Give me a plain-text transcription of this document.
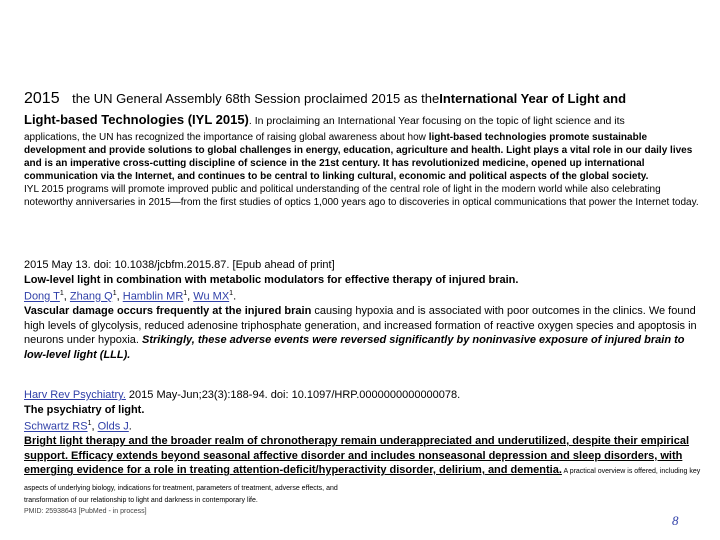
2015 the UN General Assembly 68th Session proclaimed 2015 as theInternational Year of Light and
Light-based Technologies (IYL 2015). In proclaiming an International Year focusing on the topic of light science and its

applications, the UN has recognized the importance of raising global awareness about how light-based technologies promote sustainable development and provide solutions to global challenges in energy, education, agriculture and health. Light plays a vital role in our daily lives and is an imperative cross-cutting discipline of science in the 21st century. It has revolutionized medicine, opened up international communication via the Internet, and continues to be central to linking cultural, economic and political aspects of the global society.

IYL 2015 programs will promote improved public and political understanding of the central role of light in the modern world while also celebrating noteworthy anniversaries in 2015—from the first studies of optics 1,000 years ago to discoveries in optical communications that power the Internet today.

2015 May 13. doi: 10.1038/jcbfm.2015.87. [Epub ahead of print]
Low-level light in combination with metabolic modulators for effective therapy of injured brain.
Dong $T^1$, Zhang $Q^1$, Hamblin $MR^1$, Wu $MX^1$.
Vascular damage occurs frequently at the injured brain causing hypoxia and is associated with poor outcomes in the clinics. We found high levels of glycolysis, reduced adenosine triphosphate generation, and increased formation of reactive oxygen species and apoptosis in neurons under hypoxia. Strikingly, these adverse events were reversed significantly by noninvasive exposure of injured brain to low-level light (LLL).
Harv Rev Psychiatry. 2015 May-Jun;23(3):188-94. doi: 10.1097/HRP.0000000000000078.
The psychiatry of light.
Schwartz $RS^1$, Olds J.
Bright light therapy and the broader realm of chronotherapy remain underappreciated and underutilized, despite their empirical support. Efficacy extends beyond seasonal affective disorder and includes nonseasonal depression and sleep disorders, with emerging evidence for a role in treating attention-deficit/hyperactivity disorder, delirium, and dementia. A practical overview is offered, including key aspects of underlying biology, indications for treatment, parameters of treatment, adverse effects, and
transformation of our relationship to light and darkness in contemporary life.
PMID: 25938643 [PubMed - in process]
8
